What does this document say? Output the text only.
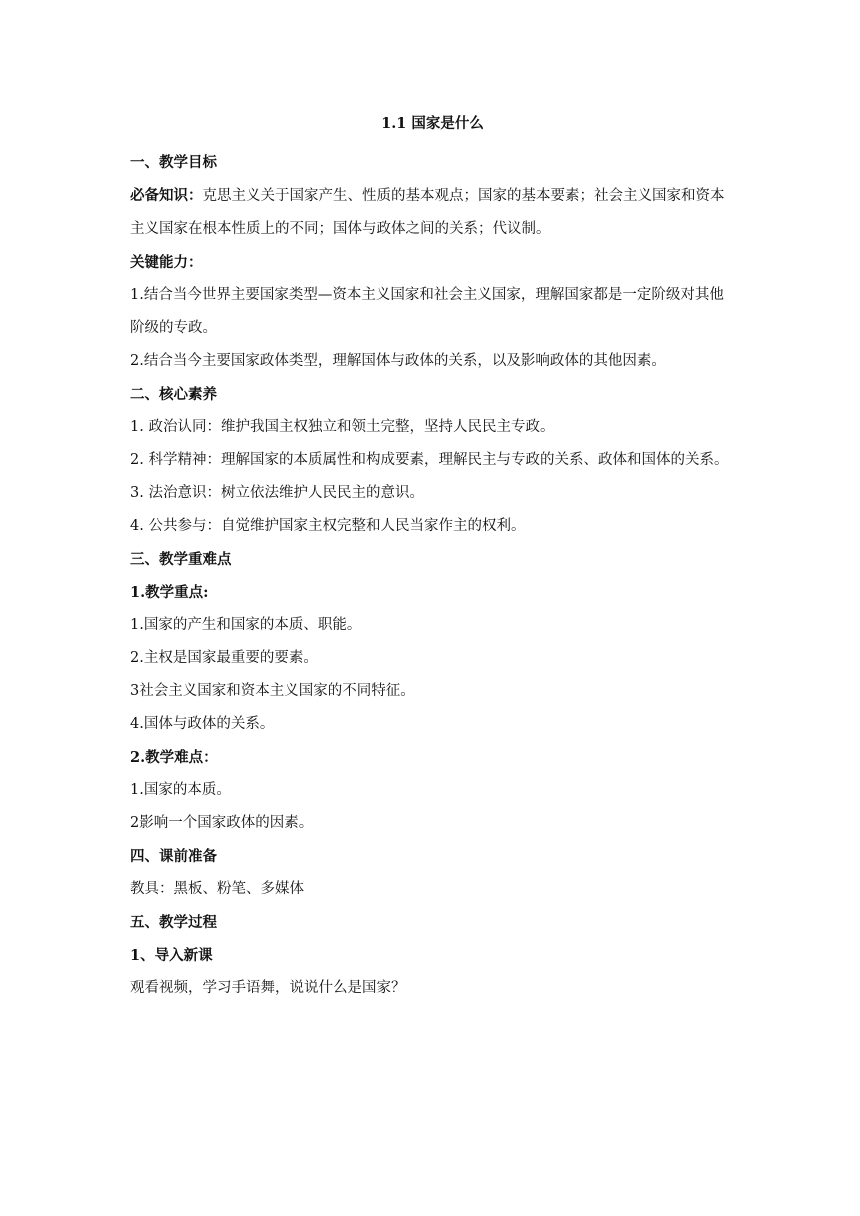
1.1 国家是什么

一、教学目标

必备知识：克思主义关于国家产生、性质的基本观点；国家的基本要素；社会主义国家和资本主义国家在根本性质上的不同；国体与政体之间的关系；代议制。

关键能力：

1.结合当今世界主要国家类型—资本主义国家和社会主义国家，理解国家都是一定阶级对其他阶级的专政。

2.结合当今主要国家政体类型，理解国体与政体的关系，以及影响政体的其他因素。

二、核心素养

1. 政治认同：维护我国主权独立和领土完整，坚持人民民主专政。

2. 科学精神：理解国家的本质属性和构成要素，理解民主与专政的关系、政体和国体的关系。

3. 法治意识：树立依法维护人民民主的意识。

4. 公共参与：自觉维护国家主权完整和人民当家作主的权利。

三、教学重难点

1.教学重点:

1.国家的产生和国家的本质、职能。

2.主权是国家最重要的要素。

3社会主义国家和资本主义国家的不同特征。

4.国体与政体的关系。

2.教学难点：

1.国家的本质。

2影响一个国家政体的因素。

四、课前准备

教具：黑板、粉笔、多媒体

五、教学过程

1、导入新课

观看视频，学习手语舞，说说什么是国家？
